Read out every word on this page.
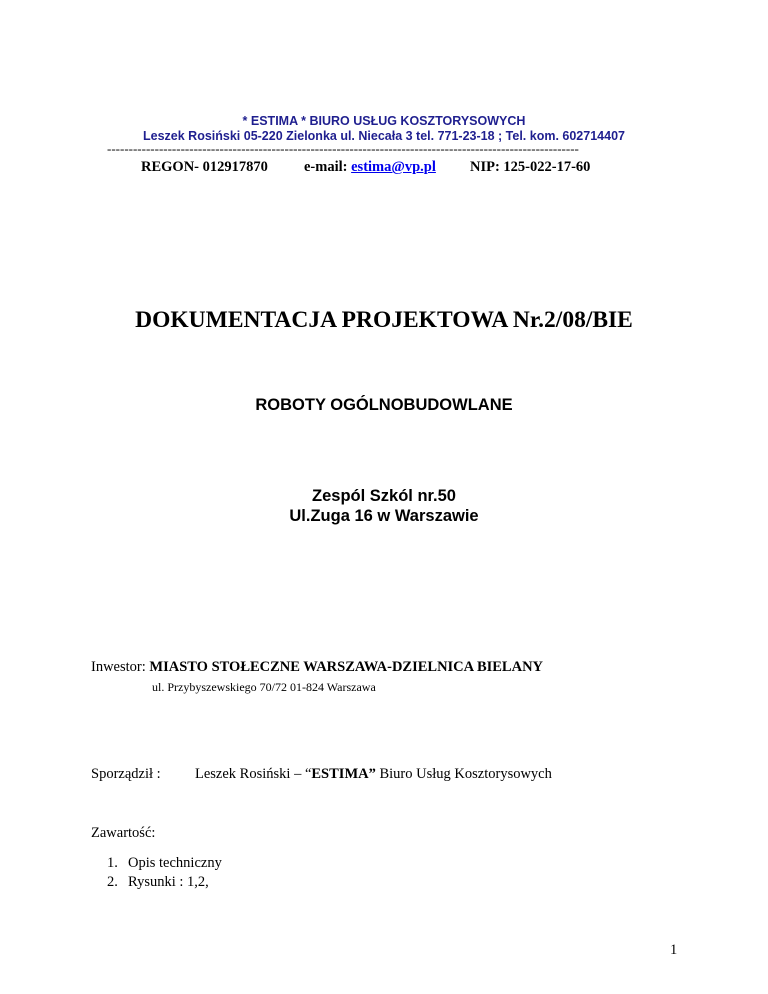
* ESTIMA * BIURO USŁUG KOSZTORYSOWYCH
Leszek Rosiński 05-220 Zielonka ul. Niecała 3 tel. 771-23-18 ; Tel. kom. 602714407
-------------------------------------------------------------------------------------------------------------
REGON- 012917870 e-mail: estima@vp.pl NIP: 125-022-17-60
DOKUMENTACJA PROJEKTOWA Nr.2/08/BIE
ROBOTY OGÓLNOBUDOWLANE
Zespól Szkól nr.50
Ul.Zuga 16 w Warszawie
Inwestor: MIASTO STOŁECZNE WARSZAWA-DZIELNICA BIELANY
ul. Przybyszewskiego 70/72 01-824 Warszawa
Sporządził : Leszek Rosiński – “ESTIMA” Biuro Usług Kosztorysowych
Zawartość:
1. Opis techniczny
2. Rysunki : 1,2,
1
